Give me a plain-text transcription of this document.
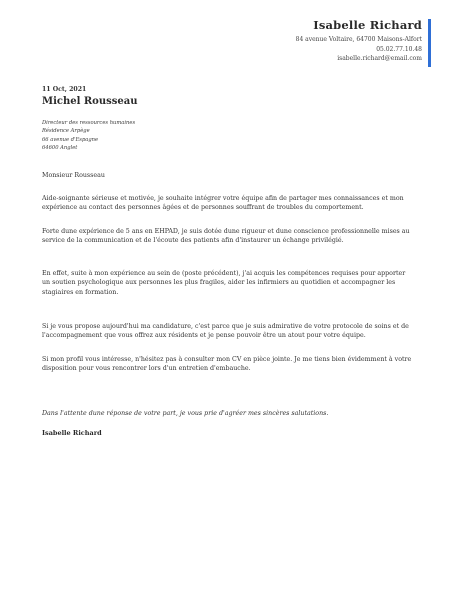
Isabelle Richard
84 avenue Voltaire, 64700 Maisons-Alfort
05.02.77.10.48
isabelle.richard@email.com
11 Oct, 2021
Michel Rousseau
Directeur des ressources humaines
Résidence Arpège
66 avenue d'Espagne
64600 Anglet
Monsieur Rousseau
Aide-soignante sérieuse et motivée, je souhaite intégrer votre équipe afin de partager mes connaissances et mon expérience au contact des personnes âgées et de personnes souffrant de troubles du comportement.
Forte dune expérience de 5 ans en EHPAD, je suis dotée dune rigueur et dune conscience professionnelle mises au service de la communication et de l'écoute des patients afin d'instaurer un échange privilégié.
En effet, suite à mon expérience au sein de (poste précédent), j'ai acquis les compétences requises pour apporter un soutien psychologique aux personnes les plus fragiles, aider les infirmiers au quotidien et accompagner les stagiaires en formation.
Si je vous propose aujourd'hui ma candidature, c'est parce que je suis admirative de votre protocole de soins et de l'accompagnement que vous offrez aux résidents et je pense pouvoir être un atout pour votre équipe.
Si mon profil vous intéresse, n'hésitez pas à consulter mon CV en pièce jointe. Je me tiens bien évidemment à votre disposition pour vous rencontrer lors d'un entretien d'embauche.
Dans l'attente dune réponse de votre part, je vous prie d'agréer mes sincères salutations.
Isabelle Richard
